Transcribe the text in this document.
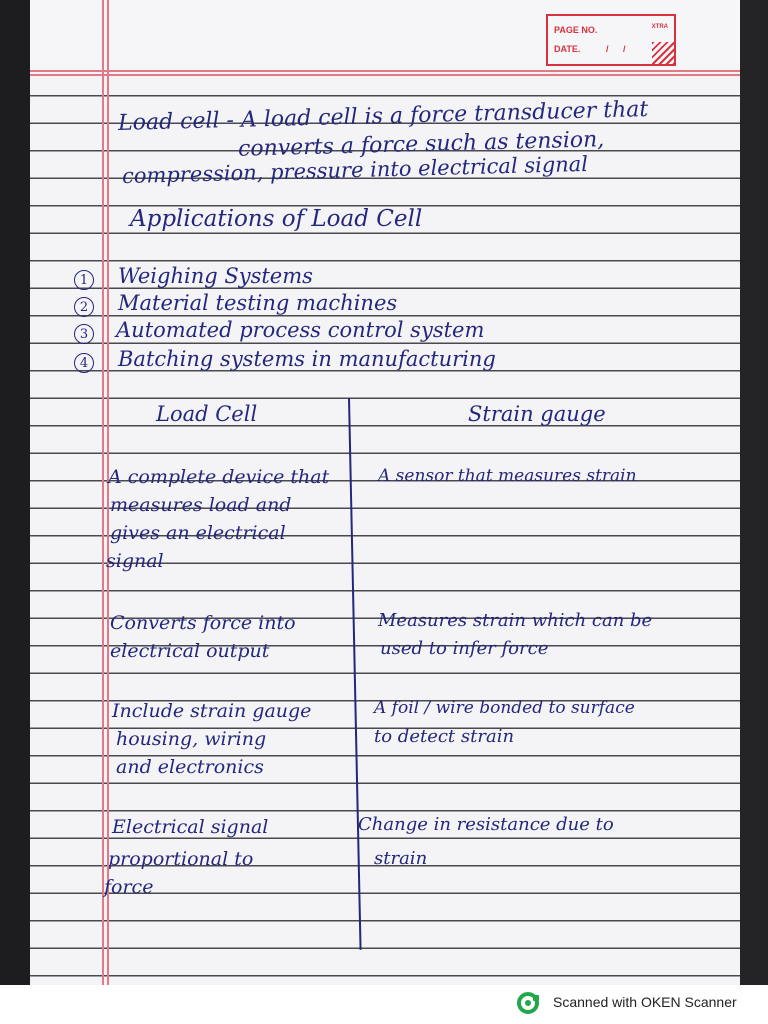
PAGE NO.
DATE.	/ /
XTRA

Load cell - A load cell is a force transducer that

converts a force such as tension,

compression, pressure into electrical signal

Applications of Load Cell

1 Weighing Systems

2 Material testing machines

3 Automated process control system

4 Batching systems in manufacturing

Load Cell	Strain gauge

A complete device that

measures load and

gives an electrical

signal

A sensor that measures strain

Converts force into

electrical output

Measures strain which can be

used to infer force

Include strain gauge

housing, wiring

and electronics

A foil / wire bonded to surface

to detect strain

Electrical signal

proportional to

force

Change in resistance due to

strain

Scanned with OKEN Scanner
